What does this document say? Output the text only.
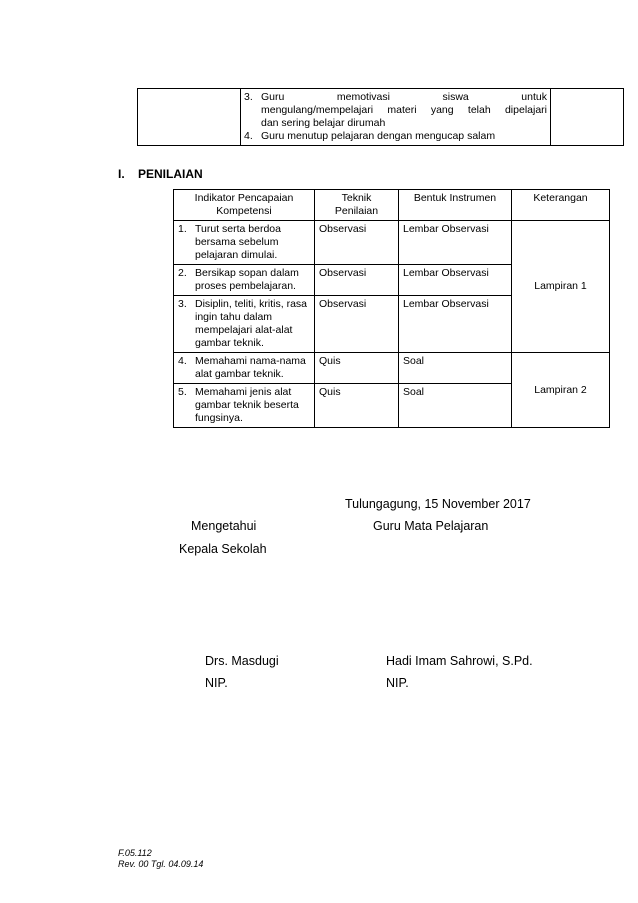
3. Guru memotivasi siswa untuk
mengulang/mempelajari materi yang telah dipelajari
dan sering belajar dirumah
4. Guru menutup pelajaran dengan mengucap salam

I. PENILAIAN
Indikator Pencapaian Kompetensi	Teknik Penilaian	Bentuk Instrumen	Keterangan

1. Turut serta berdoa bersama sebelum pelajaran dimulai.	Observasi	Lembar Observasi	Lampiran 1

2. Bersikap sopan dalam proses pembelajaran.	Observasi	Lembar Observasi	

3. Disiplin, teliti, kritis, rasa ingin tahu dalam mempelajari alat-alat gambar teknik.	Observasi	Lembar Observasi	

4. Memahami nama-nama alat gambar teknik.	Quis	Soal	Lampiran 2

5. Memahami jenis alat gambar teknik beserta fungsinya.	Quis	Soal	
Tulungagung, 15 November 2017
Mengetahui	Guru Mata Pelajaran
Kepala Sekolah
Drs. Masdugi	Hadi Imam Sahrowi, S.Pd.
NIP.	NIP.
F.05.112
Rev. 00 Tgl. 04.09.14
